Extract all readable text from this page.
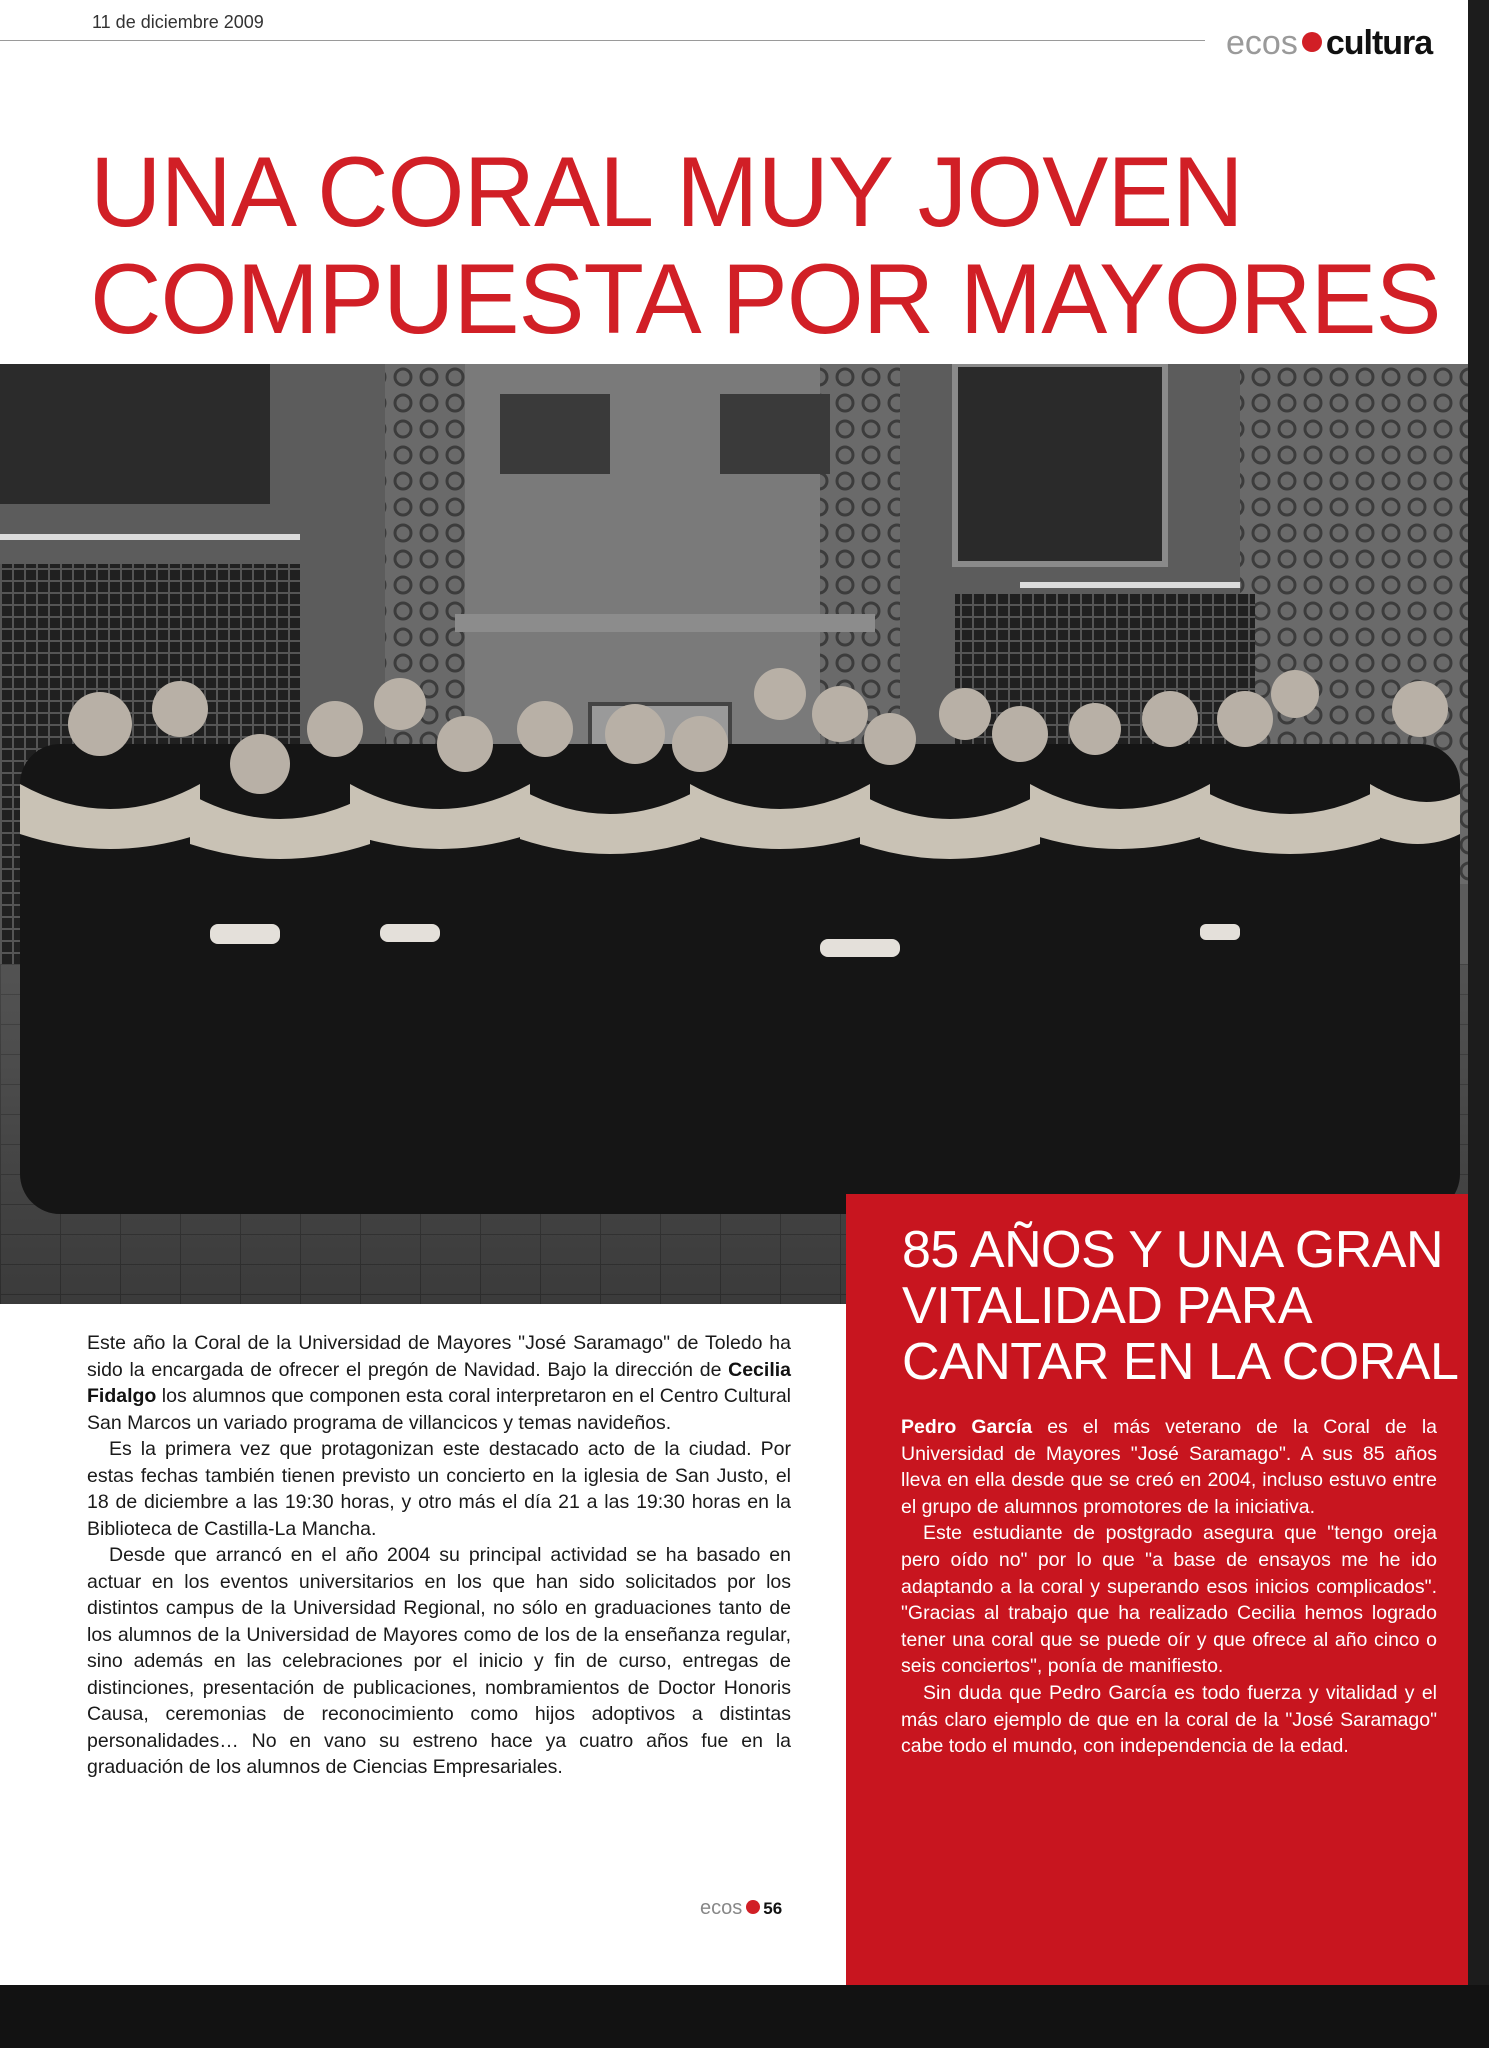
11 de diciembre 2009
ecos cultura
UNA CORAL MUY JOVEN
COMPUESTA POR MAYORES

Este año la Coral de la Universidad de Mayores "José Saramago" de Toledo ha sido la encargada de ofrecer el pregón de Navidad. Bajo la dirección de Cecilia Fidalgo los alumnos que componen esta coral interpretaron en el Centro Cultural San Marcos un variado programa de villancicos y temas navideños.

Es la primera vez que protagonizan este destacado acto de la ciudad. Por estas fechas también tienen previsto un concierto en la iglesia de San Justo, el 18 de diciembre a las 19:30 horas, y otro más el día 21 a las 19:30 horas en la Biblioteca de Castilla-La Mancha.

Desde que arrancó en el año 2004 su principal actividad se ha basado en actuar en los eventos universitarios en los que han sido solicitados por los distintos campus de la Universidad Regional, no sólo en graduaciones tanto de los alumnos de la Universidad de Mayores como de los de la enseñanza regular, sino además en las celebraciones por el inicio y fin de curso, entregas de distinciones, presentación de publicaciones, nombramientos de Doctor Honoris Causa, ceremonias de reconocimiento como hijos adoptivos a distintas personalidades… No en vano su estreno hace ya cuatro años fue en la graduación de los alumnos de Ciencias Empresariales.

ecos 56
85 AÑOS Y UNA GRAN
VITALIDAD PARA
CANTAR EN LA CORAL

Pedro García es el más veterano de la Coral de la Universidad de Mayores "José Saramago". A sus 85 años lleva en ella desde que se creó en 2004, incluso estuvo entre el grupo de alumnos promotores de la iniciativa.

Este estudiante de postgrado asegura que "tengo oreja pero oído no" por lo que "a base de ensayos me he ido adaptando a la coral y superando esos inicios complicados". "Gracias al trabajo que ha realizado Cecilia hemos logrado tener una coral que se puede oír y que ofrece al año cinco o seis conciertos", ponía de manifiesto.

Sin duda que Pedro García es todo fuerza y vitalidad y el más claro ejemplo de que en la coral de la "José Saramago" cabe todo el mundo, con independencia de la edad.
